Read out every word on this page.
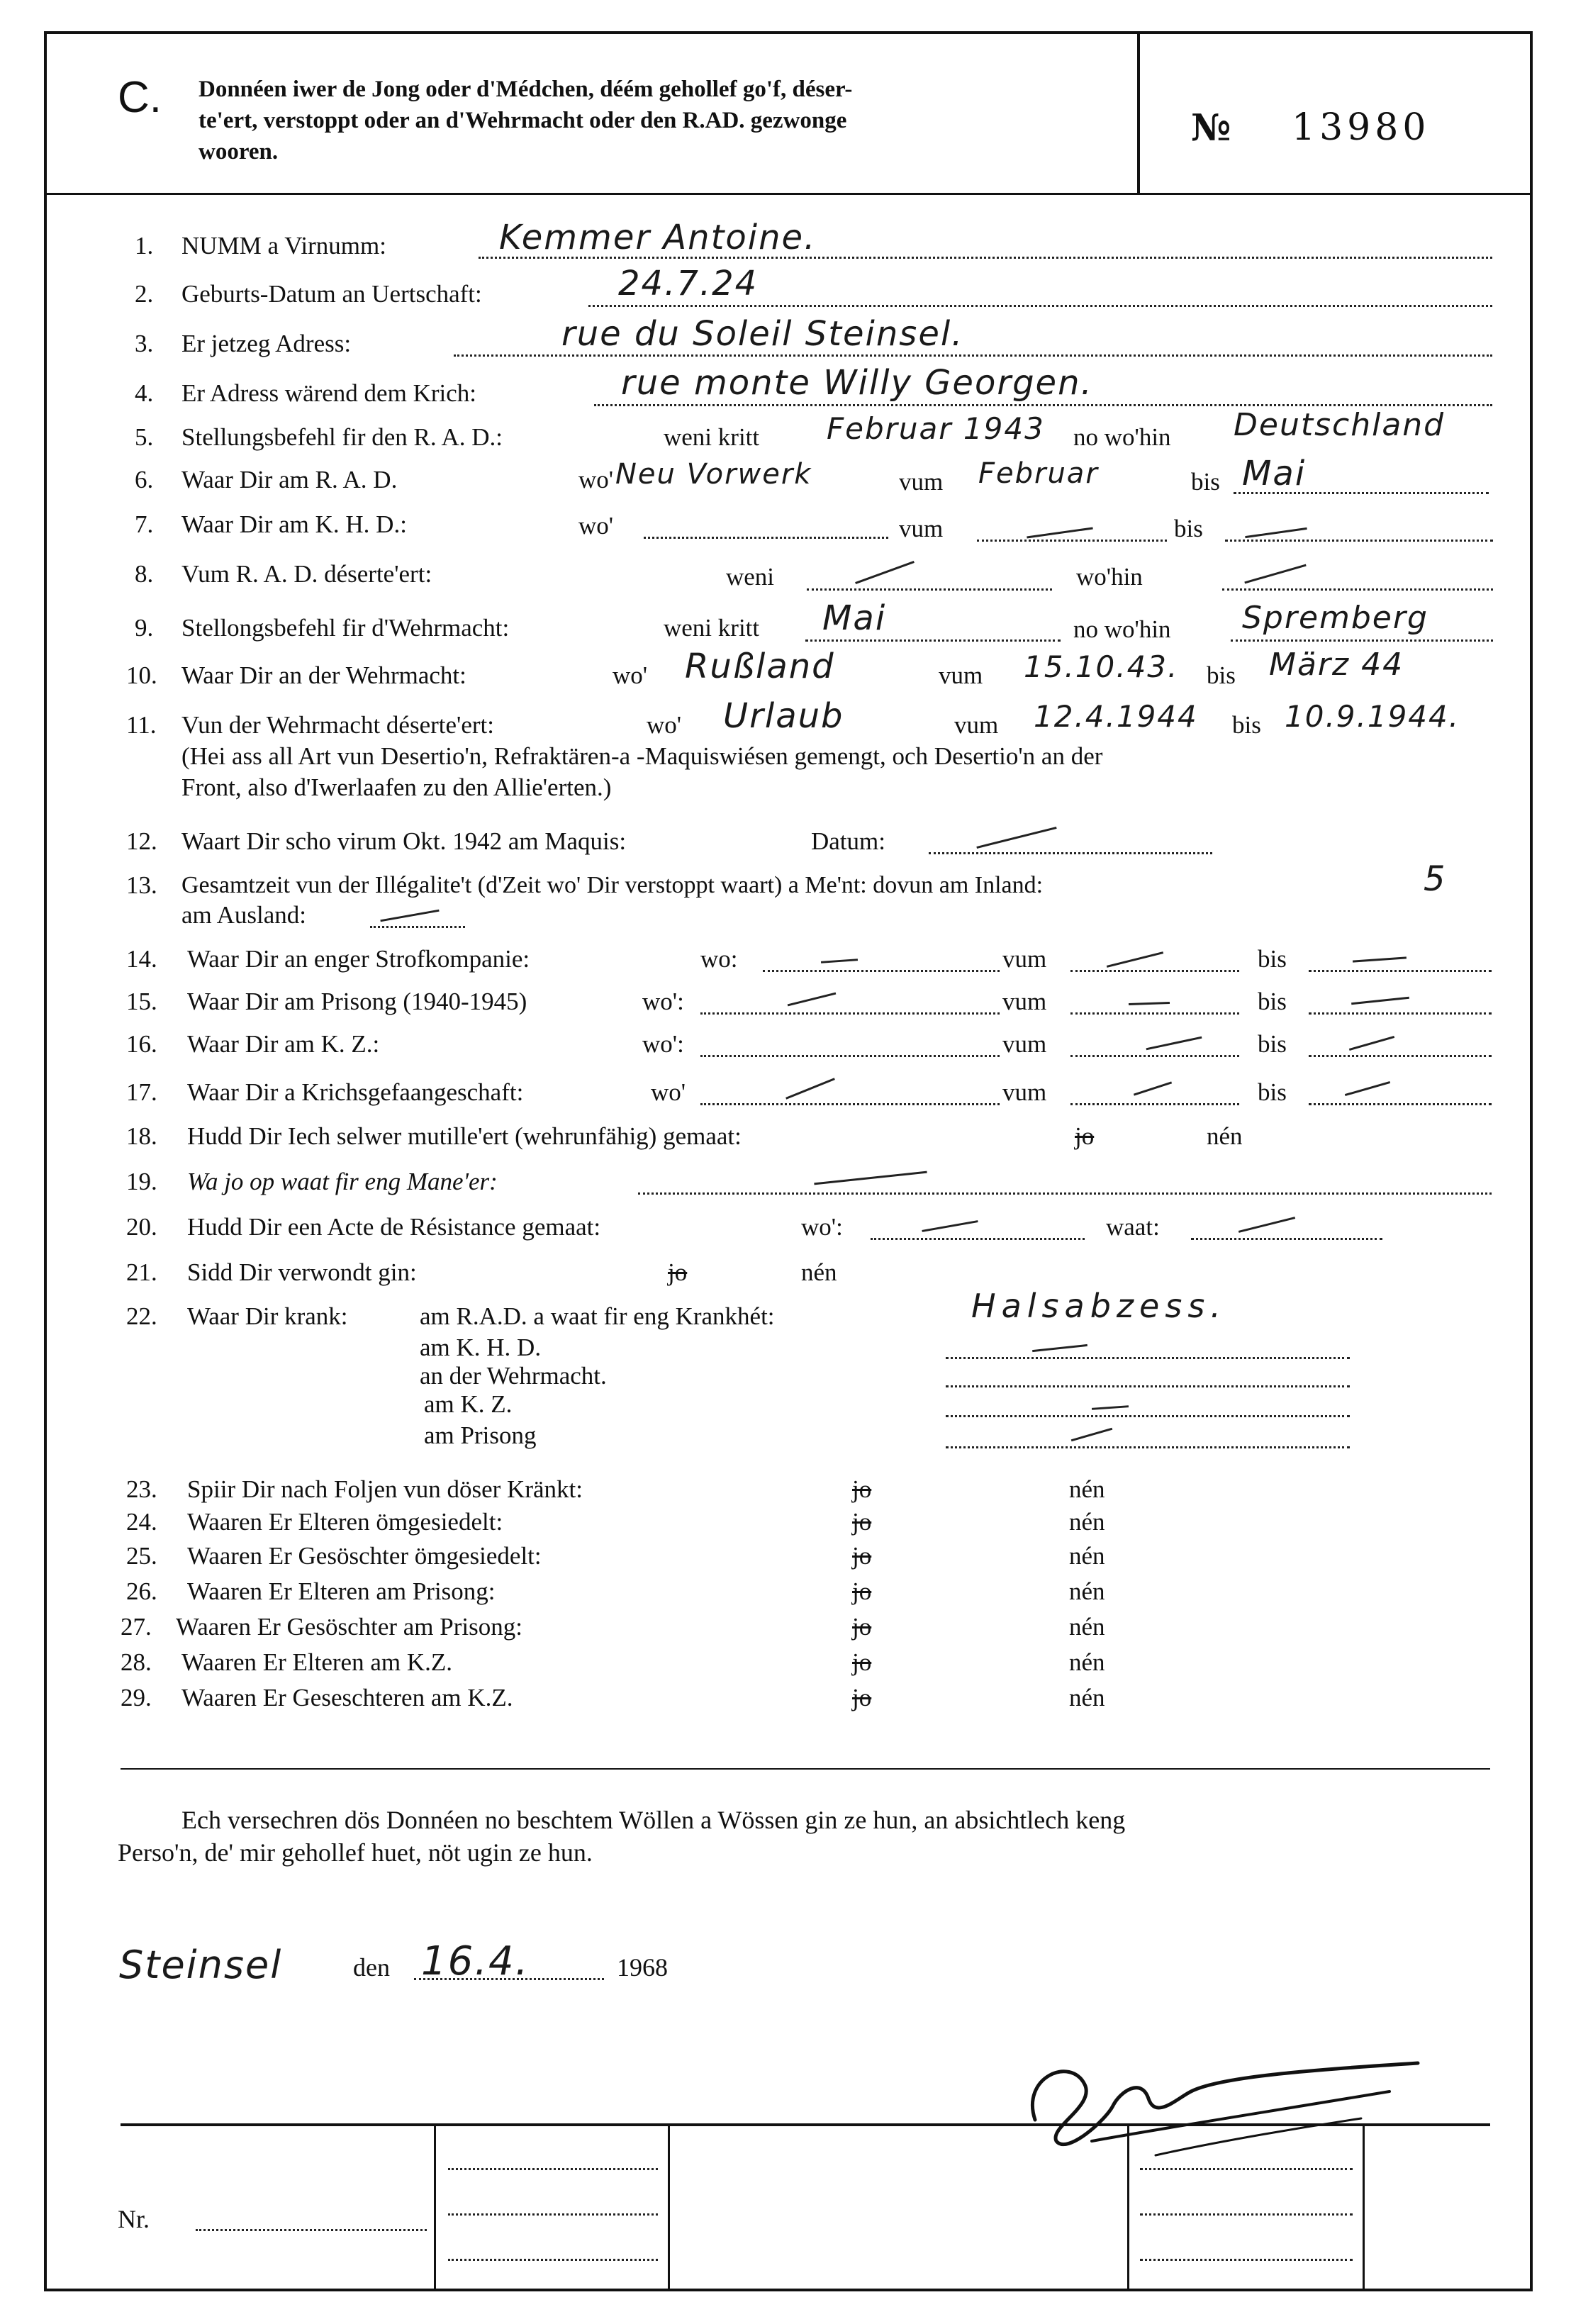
C. Donnéen iwer de Jong oder d'Médchen, déém gehollef go'f, déser-
te'ert, verstoppt oder an d'Wehrmacht oder den R.AD. gezwonge
wooren.
№ 13980
1. NUMM a Virnumm:	Kemmer Antoine.
2. Geburts-Datum an Uertschaft:	24.7.24
3. Er jetzeg Adress:	rue du Soleil Steinsel.
4. Er Adress wärend dem Krich:	rue monte Willy Georgen.
5. Stellungsbefehl fir den R. A. D.:	weni kritt Februar 1943 no wo'hin Deutschland
6. Waar Dir am R. A. D.	wo' Neu Vorwerk	vum Februar	bis Mai
7. Waar Dir am K. H. D.:	wo'	vum	bis
8. Vum R. A. D. déserte'ert:	weni	wo'hin
9. Stellongsbefehl fir d'Wehrmacht:	weni kritt Mai	no wo'hin Spremberg
10. Waar Dir an der Wehrmacht:	wo' Rußland	vum 15.10.43. bis März 44
11. Vun der Wehrmacht déserte'ert:	wo' Urlaub	vum 12.4.1944 bis 10.9.1944.
(Hei ass all Art vun Desertio'n, Refraktären-a -Maquiswiésen gemengt, och Desertio'n an der
Front, also d'Iwerlaafen zu den Allie'erten.)
12. Waart Dir scho virum Okt. 1942 am Maquis:	Datum:
13. Gesamtzeit vun der Illégalite't (d'Zeit wo' Dir verstoppt waart) a Me'nt: dovun am Inland:	5
am Ausland:
14. Waar Dir an enger Strofkompanie:	wo:	vum	bis
15. Waar Dir am Prisong (1940-1945)	wo':	vum	bis
16. Waar Dir am K. Z.:	wo':	vum	bis
17. Waar Dir a Krichsgefaangeschaft:	wo'	vum	bis
18. Hudd Dir Iech selwer mutille'ert (wehrunfähig) gemaat:	jo	nén
19. Wa jo op waat fir eng Mane'er:
20. Hudd Dir een Acte de Résistance gemaat:	wo':	waat:
21. Sidd Dir verwondt gin:	jo	nén
22. Waar Dir krank:	am R.A.D. a waat fir eng Krankhét:	Halsabzess.
am K. H. D.
an der Wehrmacht.
am K. Z.
am Prisong
23. Spiir Dir nach Foljen vun döser Kränkt:	jo	nén
24. Waaren Er Elteren ömgesiedelt:	jo	nén
25. Waaren Er Gesöschter ömgesiedelt:	jo	nén
26. Waaren Er Elteren am Prisong:	jo	nén
27. Waaren Er Gesöschter am Prisong:	jo	nén
28. Waaren Er Elteren am K.Z.	jo	nén
29. Waaren Er Geseschteren am K.Z.	jo	nén
Ech versechren dös Donnéen no beschtem Wöllen a Wössen gin ze hun, an absichtlech keng
Perso'n, de' mir gehollef huet, nöt ugin ze hun.
Steinsel	den 16.4.	1968
Nr.
